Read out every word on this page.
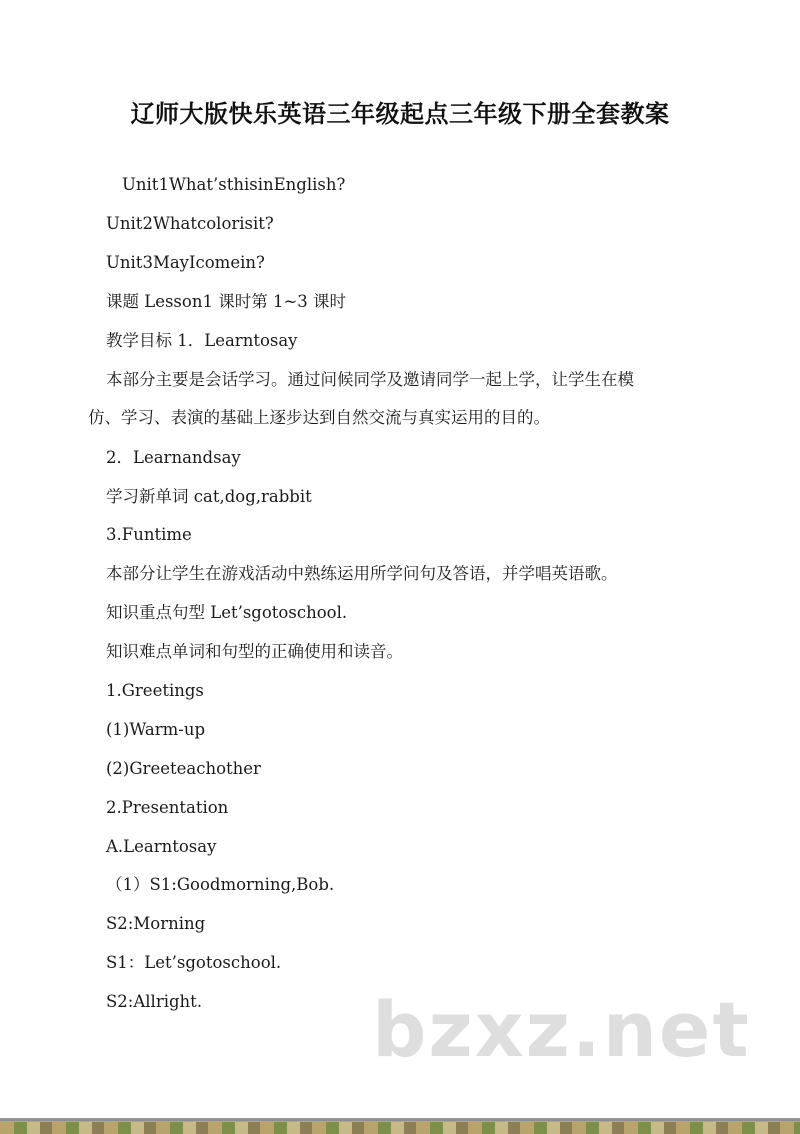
辽师大版快乐英语三年级起点三年级下册全套教案
Unit1What’sthisinEnglish?
Unit2Whatcolorisit?
Unit3MayIcomein?
课题 Lesson1 课时第 1~3 课时
教学目标 1．Learntosay
本部分主要是会话学习。通过问候同学及邀请同学一起上学，让学生在模
仿、学习、表演的基础上逐步达到自然交流与真实运用的目的。
2．Learnandsay
学习新单词 cat,dog,rabbit
3.Funtime
本部分让学生在游戏活动中熟练运用所学问句及答语，并学唱英语歌。
知识重点句型 Let’sgotoschool.
知识难点单词和句型的正确使用和读音。
1.Greetings
(1)Warm-up
(2)Greeteachother
2.Presentation
A.Learntosay
（1）S1:Goodmorning,Bob.
S2:Morning
S1：Let’sgotoschool.
S2:Allright. bzxz.net
